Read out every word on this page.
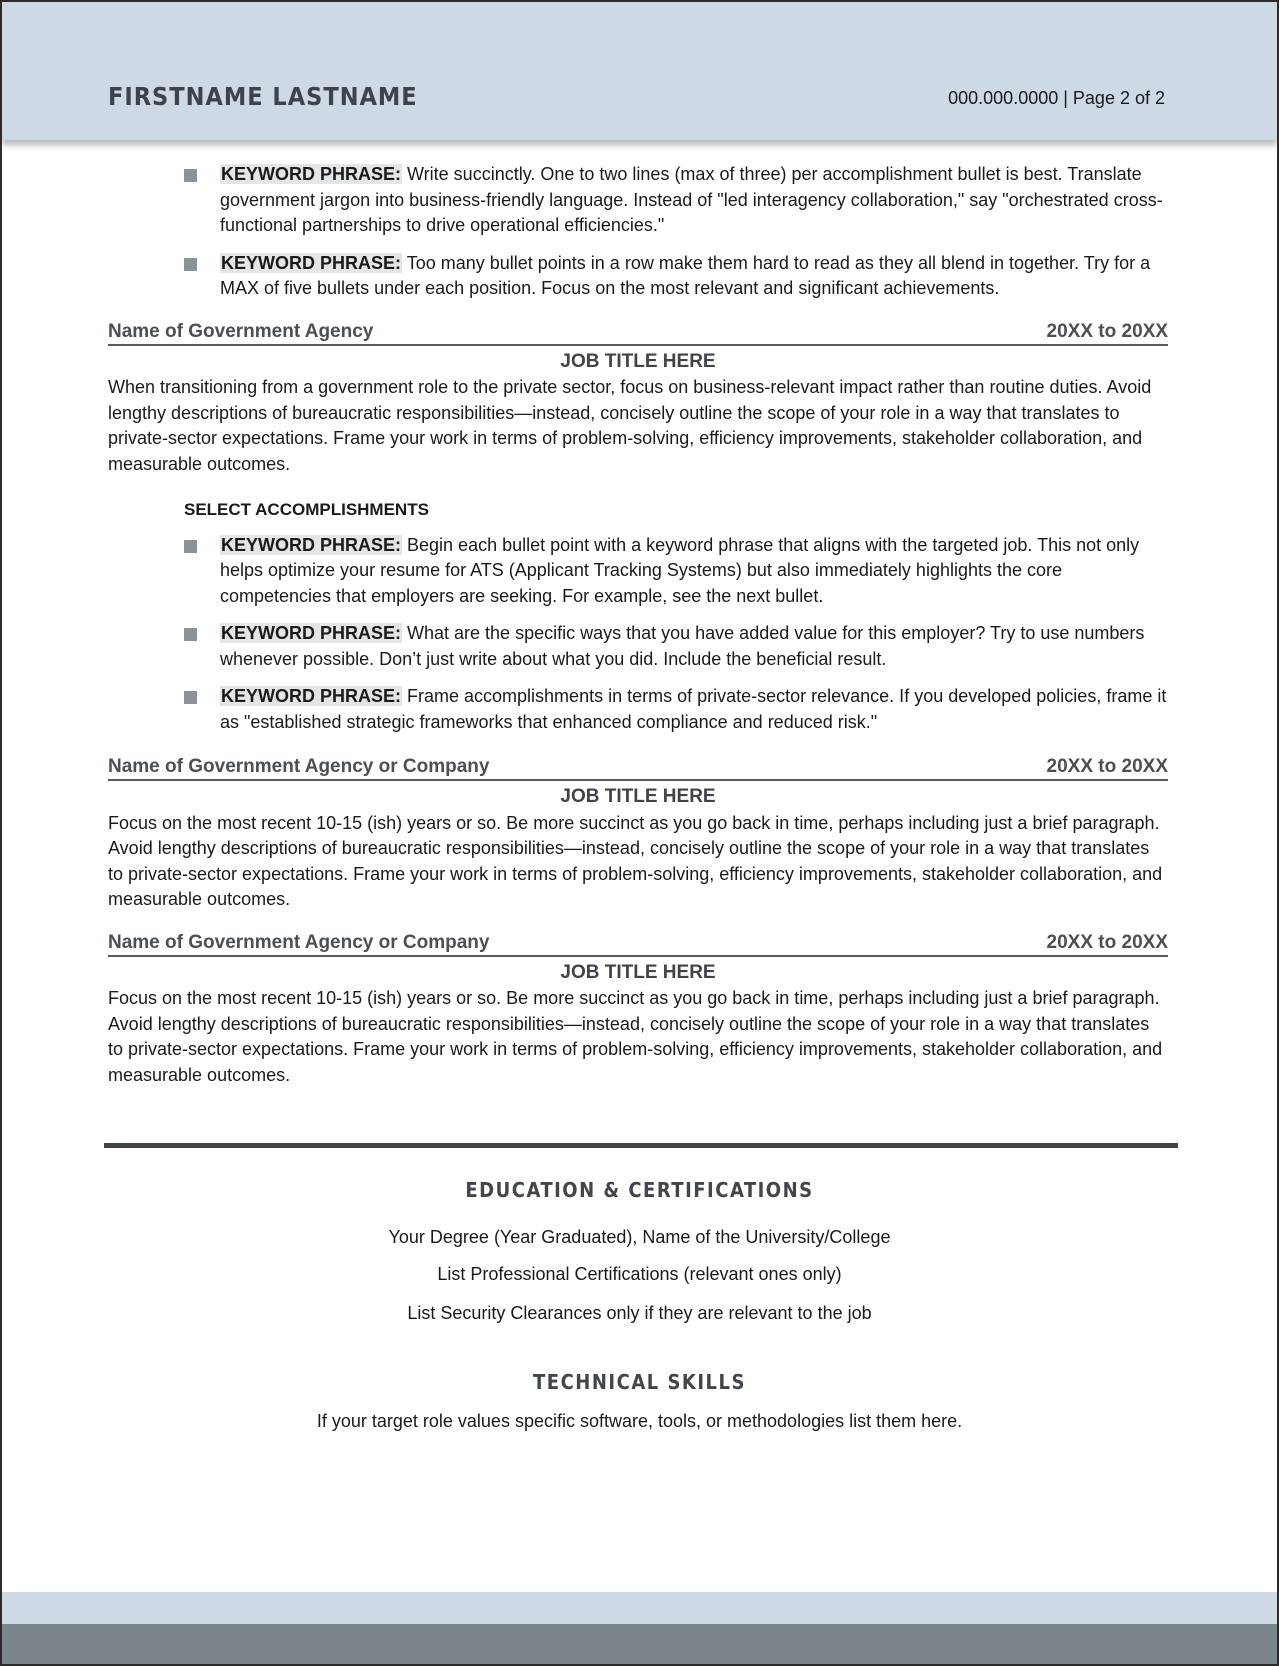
FIRSTNAME LASTNAME	000.000.0000 | Page 2 of 2
KEYWORD PHRASE: Write succinctly. One to two lines (max of three) per accomplishment bullet is best. Translate government jargon into business-friendly language. Instead of "led interagency collaboration," say "orchestrated cross-functional partnerships to drive operational efficiencies."
KEYWORD PHRASE: Too many bullet points in a row make them hard to read as they all blend in together. Try for a MAX of five bullets under each position. Focus on the most relevant and significant achievements.
Name of Government Agency	20XX to 20XX
JOB TITLE HERE

When transitioning from a government role to the private sector, focus on business-relevant impact rather than routine duties. Avoid lengthy descriptions of bureaucratic responsibilities—instead, concisely outline the scope of your role in a way that translates to private-sector expectations. Frame your work in terms of problem-solving, efficiency improvements, stakeholder collaboration, and measurable outcomes.

SELECT ACCOMPLISHMENTS
KEYWORD PHRASE: Begin each bullet point with a keyword phrase that aligns with the targeted job. This not only helps optimize your resume for ATS (Applicant Tracking Systems) but also immediately highlights the core competencies that employers are seeking. For example, see the next bullet.
KEYWORD PHRASE: What are the specific ways that you have added value for this employer? Try to use numbers whenever possible. Don’t just write about what you did. Include the beneficial result.
KEYWORD PHRASE: Frame accomplishments in terms of private-sector relevance. If you developed policies, frame it as "established strategic frameworks that enhanced compliance and reduced risk."
Name of Government Agency or Company	20XX to 20XX
JOB TITLE HERE

Focus on the most recent 10-15 (ish) years or so. Be more succinct as you go back in time, perhaps including just a brief paragraph. Avoid lengthy descriptions of bureaucratic responsibilities—instead, concisely outline the scope of your role in a way that translates to private-sector expectations. Frame your work in terms of problem-solving, efficiency improvements, stakeholder collaboration, and measurable outcomes.

Name of Government Agency or Company	20XX to 20XX
JOB TITLE HERE

Focus on the most recent 10-15 (ish) years or so. Be more succinct as you go back in time, perhaps including just a brief paragraph. Avoid lengthy descriptions of bureaucratic responsibilities—instead, concisely outline the scope of your role in a way that translates to private-sector expectations. Frame your work in terms of problem-solving, efficiency improvements, stakeholder collaboration, and measurable outcomes.

EDUCATION & CERTIFICATIONS
Your Degree (Year Graduated), Name of the University/College
List Professional Certifications (relevant ones only)
List Security Clearances only if they are relevant to the job
TECHNICAL SKILLS
If your target role values specific software, tools, or methodologies list them here.
